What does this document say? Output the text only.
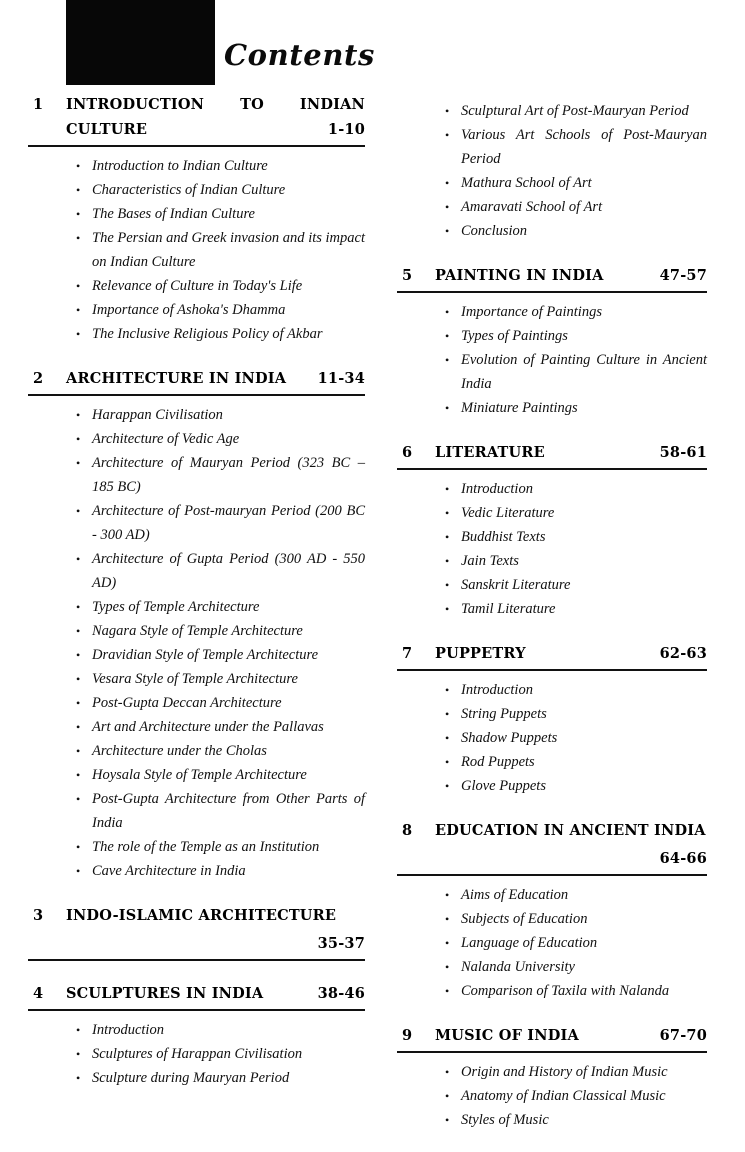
Contents
1 INTRODUCTION TO INDIAN CULTURE	1-10
• Introduction to Indian Culture
• Characteristics of Indian Culture
• The Bases of Indian Culture
• The Persian and Greek invasion and its impact on Indian Culture
• Relevance of Culture in Today's Life
• Importance of Ashoka's Dhamma
• The Inclusive Religious Policy of Akbar
2 ARCHITECTURE IN INDIA	11-34
• Harappan Civilisation
• Architecture of Vedic Age
• Architecture of Mauryan Period (323 BC – 185 BC)
• Architecture of Post-mauryan Period (200 BC - 300 AD)
• Architecture of Gupta Period (300 AD - 550 AD)
• Types of Temple Architecture
• Nagara Style of Temple Architecture
• Dravidian Style of Temple Architecture
• Vesara Style of Temple Architecture
• Post-Gupta Deccan Architecture
• Art and Architecture under the Pallavas
• Architecture under the Cholas
• Hoysala Style of Temple Architecture
• Post-Gupta Architecture from Other Parts of India
• The role of the Temple as an Institution
• Cave Architecture in India
3 INDO-ISLAMIC ARCHITECTURE
35-37
4 SCULPTURES IN INDIA	38-46
• Introduction
• Sculptures of Harappan Civilisation
• Sculpture during Mauryan Period
• Sculptural Art of Post-Mauryan Period
• Various Art Schools of Post-Mauryan Period
• Mathura School of Art
• Amaravati School of Art
• Conclusion
5 PAINTING IN INDIA	47-57
• Importance of Paintings
• Types of Paintings
• Evolution of Painting Culture in Ancient India
• Miniature Paintings
6 LITERATURE	58-61
• Introduction
• Vedic Literature
• Buddhist Texts
• Jain Texts
• Sanskrit Literature
• Tamil Literature
7 PUPPETRY	62-63
• Introduction
• String Puppets
• Shadow Puppets
• Rod Puppets
• Glove Puppets
8 EDUCATION IN ANCIENT INDIA
64-66
• Aims of Education
• Subjects of Education
• Language of Education
• Nalanda University
• Comparison of Taxila with Nalanda
9 MUSIC OF INDIA	67-70
• Origin and History of Indian Music
• Anatomy of Indian Classical Music
• Styles of Music
